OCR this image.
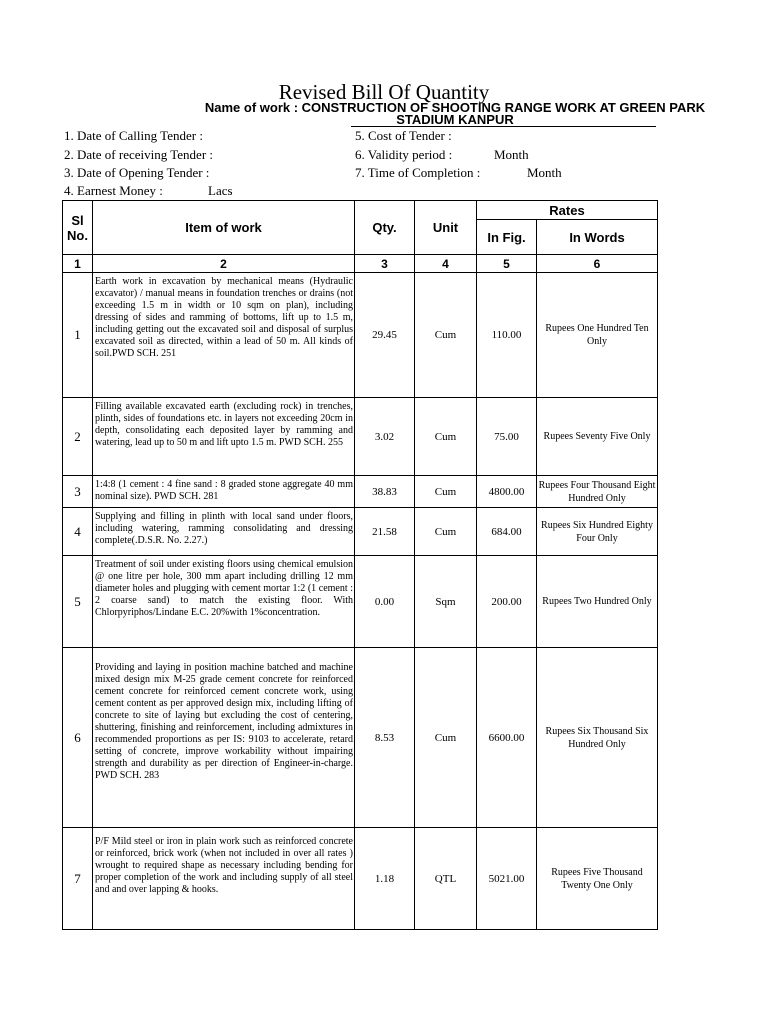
Revised Bill Of Quantity
Name of work : CONSTRUCTION OF SHOOTING RANGE WORK AT GREEN PARK
STADIUM KANPUR
1. Date of Calling Tender :
2. Date of receiving Tender :
3. Date of Opening Tender :
4. Earnest Money :	Lacs
5. Cost of Tender :
6. Validity period :	Month
7. Time of Completion :	Month
Sl No.	Item of work	Qty.	Unit	Rates	
				In Fig.	In Words
1	2	3	4	5	6
1	Earth work in excavation by mechanical means (Hydraulic excavator) / manual means in foundation trenches or drains (not exceeding 1.5 m in width or 10 sqm on plan), including dressing of sides and ramming of bottoms, lift up to 1.5 m, including getting out the excavated soil and disposal of surplus excavated soil as directed, within a lead of 50 m. All kinds of soil.PWD SCH. 251	29.45	Cum	110.00	Rupees One Hundred Ten Only
2	Filling available excavated earth (excluding rock) in trenches, plinth, sides of foundations etc. in layers not exceeding 20cm in depth, consolidating each deposited layer by ramming and watering, lead up to 50 m and lift upto 1.5 m. PWD SCH. 255	3.02	Cum	75.00	Rupees Seventy Five Only
3	1:4:8 (1 cement : 4 fine sand : 8 graded stone aggregate 40 mm nominal size). PWD SCH. 281	38.83	Cum	4800.00	Rupees Four Thousand Eight Hundred Only
4	Supplying and filling in plinth with local sand under floors, including watering, ramming consolidating and dressing complete(.D.S.R. No. 2.27.)	21.58	Cum	684.00	Rupees Six Hundred Eighty Four Only
5	Treatment of soil under existing floors using chemical emulsion @ one litre per hole, 300 mm apart including drilling 12 mm diameter holes and plugging with cement mortar 1:2 (1 cement : 2 coarse sand) to match the existing floor. With Chlorpyriphos/Lindane E.C. 20%with 1%concentration.	0.00	Sqm	200.00	Rupees Two Hundred Only
6	Providing and laying in position machine batched and machine mixed design mix M-25 grade cement concrete for reinforced cement concrete for reinforced cement concrete work, using cement content as per approved design mix, including lifting of concrete to site of laying but excluding the cost of centering, shuttering, finishing and reinforcement, including admixtures in recommended proportions as per IS: 9103 to accelerate, retard setting of concrete, improve workability without impairing strength and durability as per direction of Engineer-in-charge. PWD SCH. 283	8.53	Cum	6600.00	Rupees Six Thousand Six Hundred Only
7	P/F Mild steel or iron in plain work such as reinforced concrete or reinforced, brick work (when not included in over all rates ) wrought to required shape as necessary including bending for proper completion of the work and including supply of all steel and and over lapping & hooks.	1.18	QTL	5021.00	Rupees Five Thousand Twenty One Only
